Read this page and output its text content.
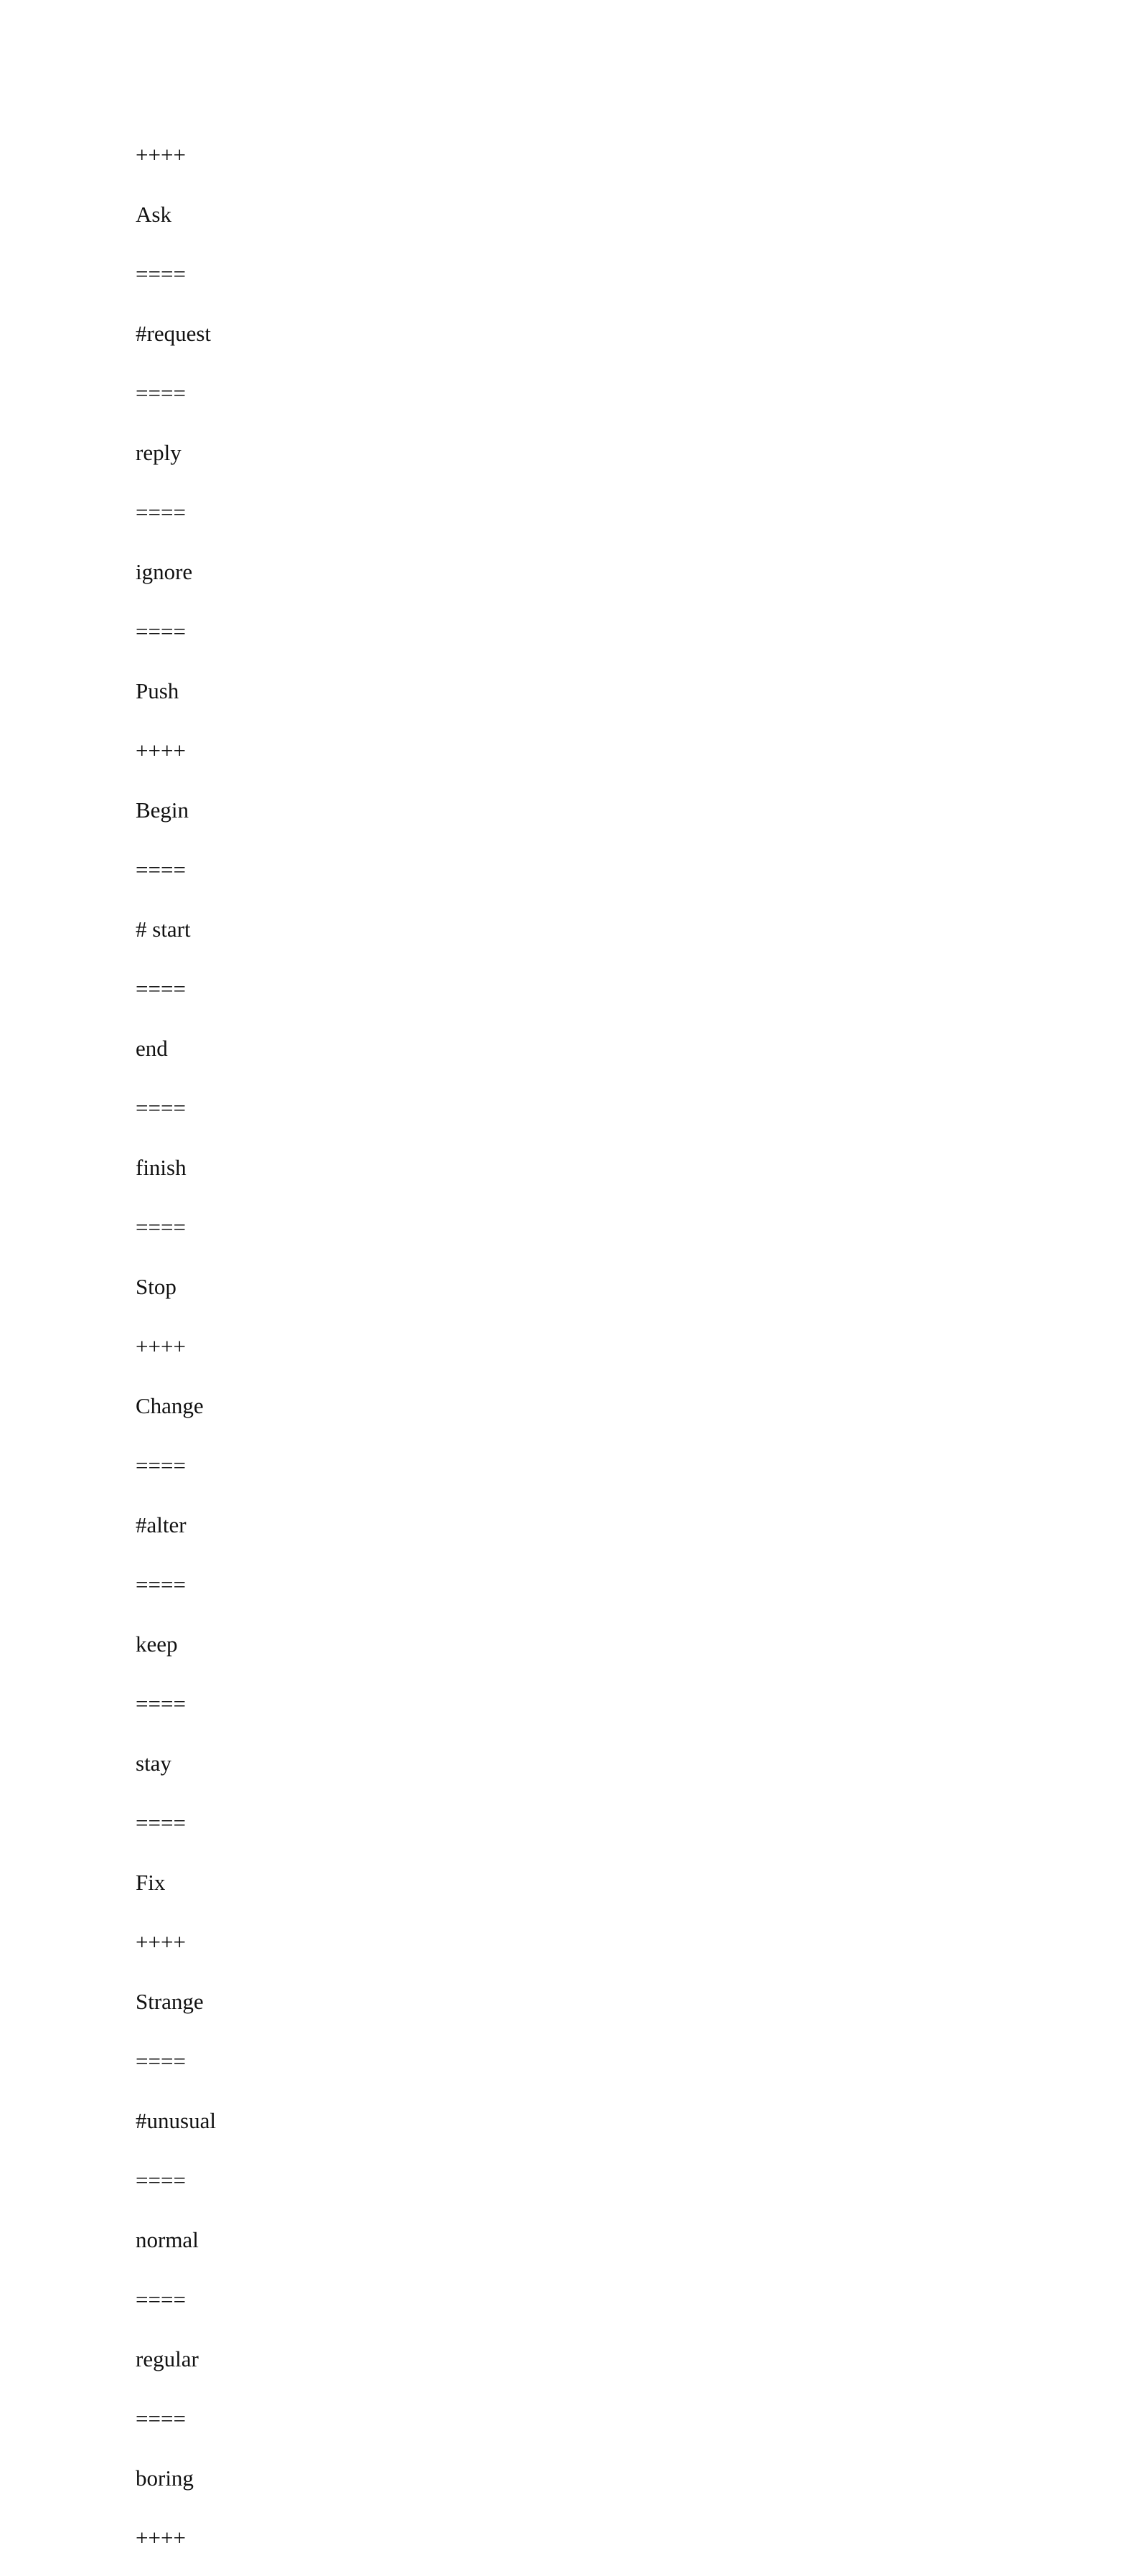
++++
Ask
====
#request
====
reply
====
ignore
====
Push
++++
Begin
====
# start
====
end
====
finish
====
Stop
++++
Change
====
#alter
====
keep
====
stay
====
Fix
++++
Strange
====
#unusual
====
normal
====
regular
====
boring
++++
